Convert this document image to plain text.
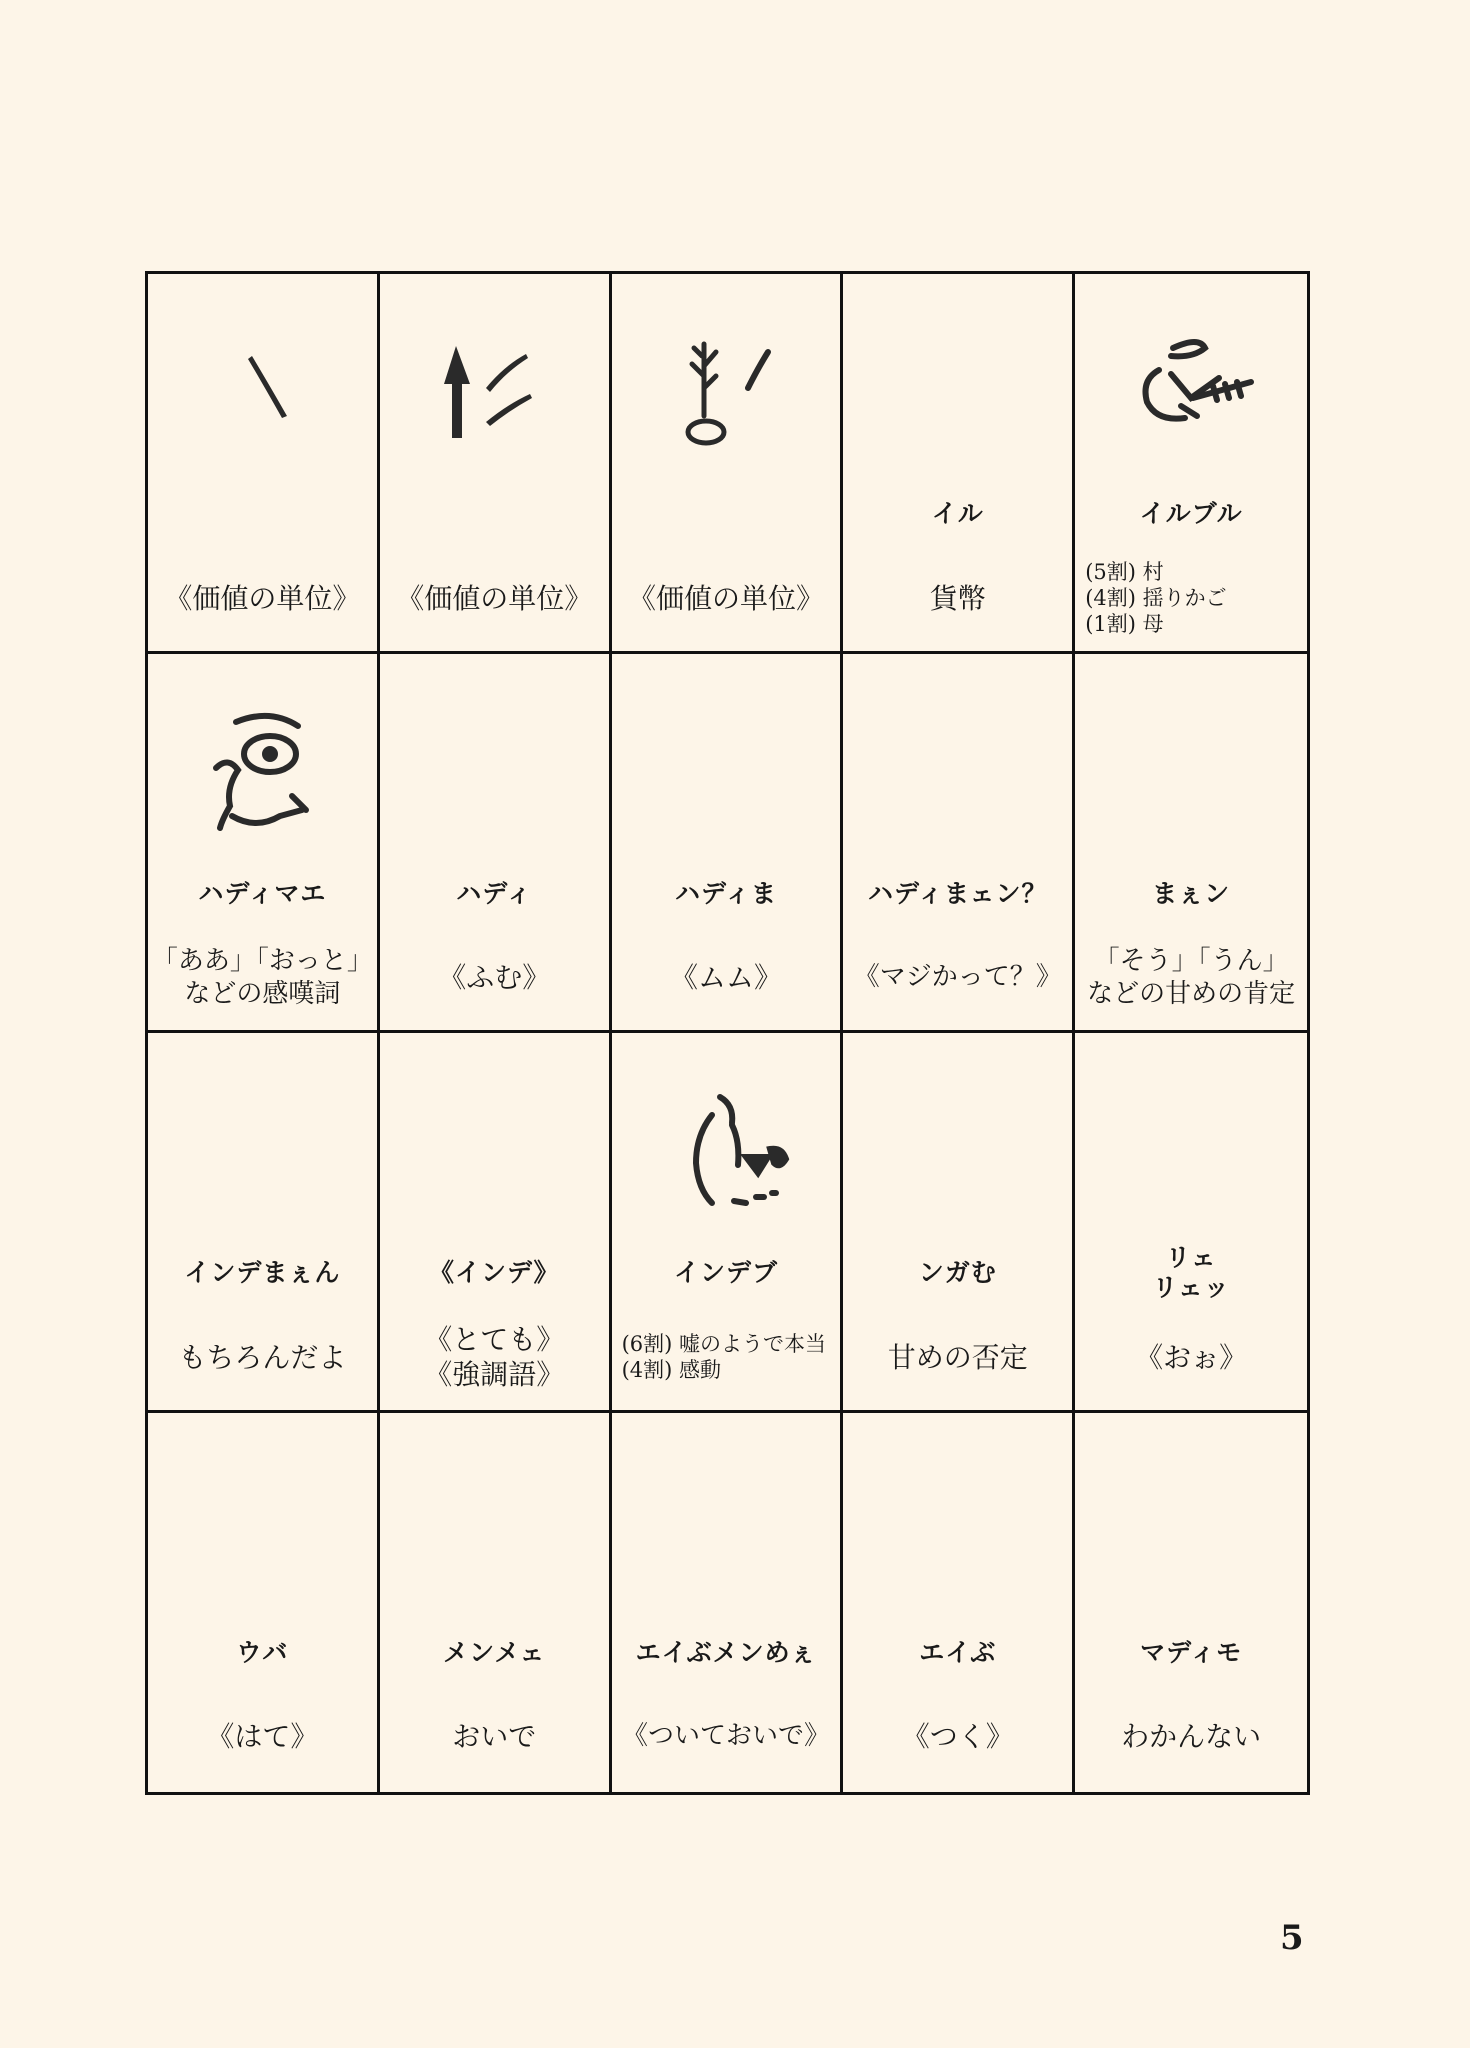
《価値の単位》	《価値の単位》	《価値の単位》
イル
貨幣
イルブル
(5割) 村
(4割) 揺りかご
(1割) 母
ハディマエ
「ああ」「おっと」
などの感嘆詞
ハディ
《ふむ》
ハディま
《ムム》
ハディまェン？
《マジかって？》
まぇン
「そう」「うん」
などの甘めの肯定
インデまぇん
もちろんだよ
《インデ》
《とても》
《強調語》
インデブ
(6割) 嘘のようで本当
(4割) 感動
ンガむ
甘めの否定
リェ
リェッ
《おぉ》
ウバ
《はて》
メンメェ
おいで
エイぶメンめぇ
《ついておいで》
エイぶ
《つく》
マディモ
わかんない
5
